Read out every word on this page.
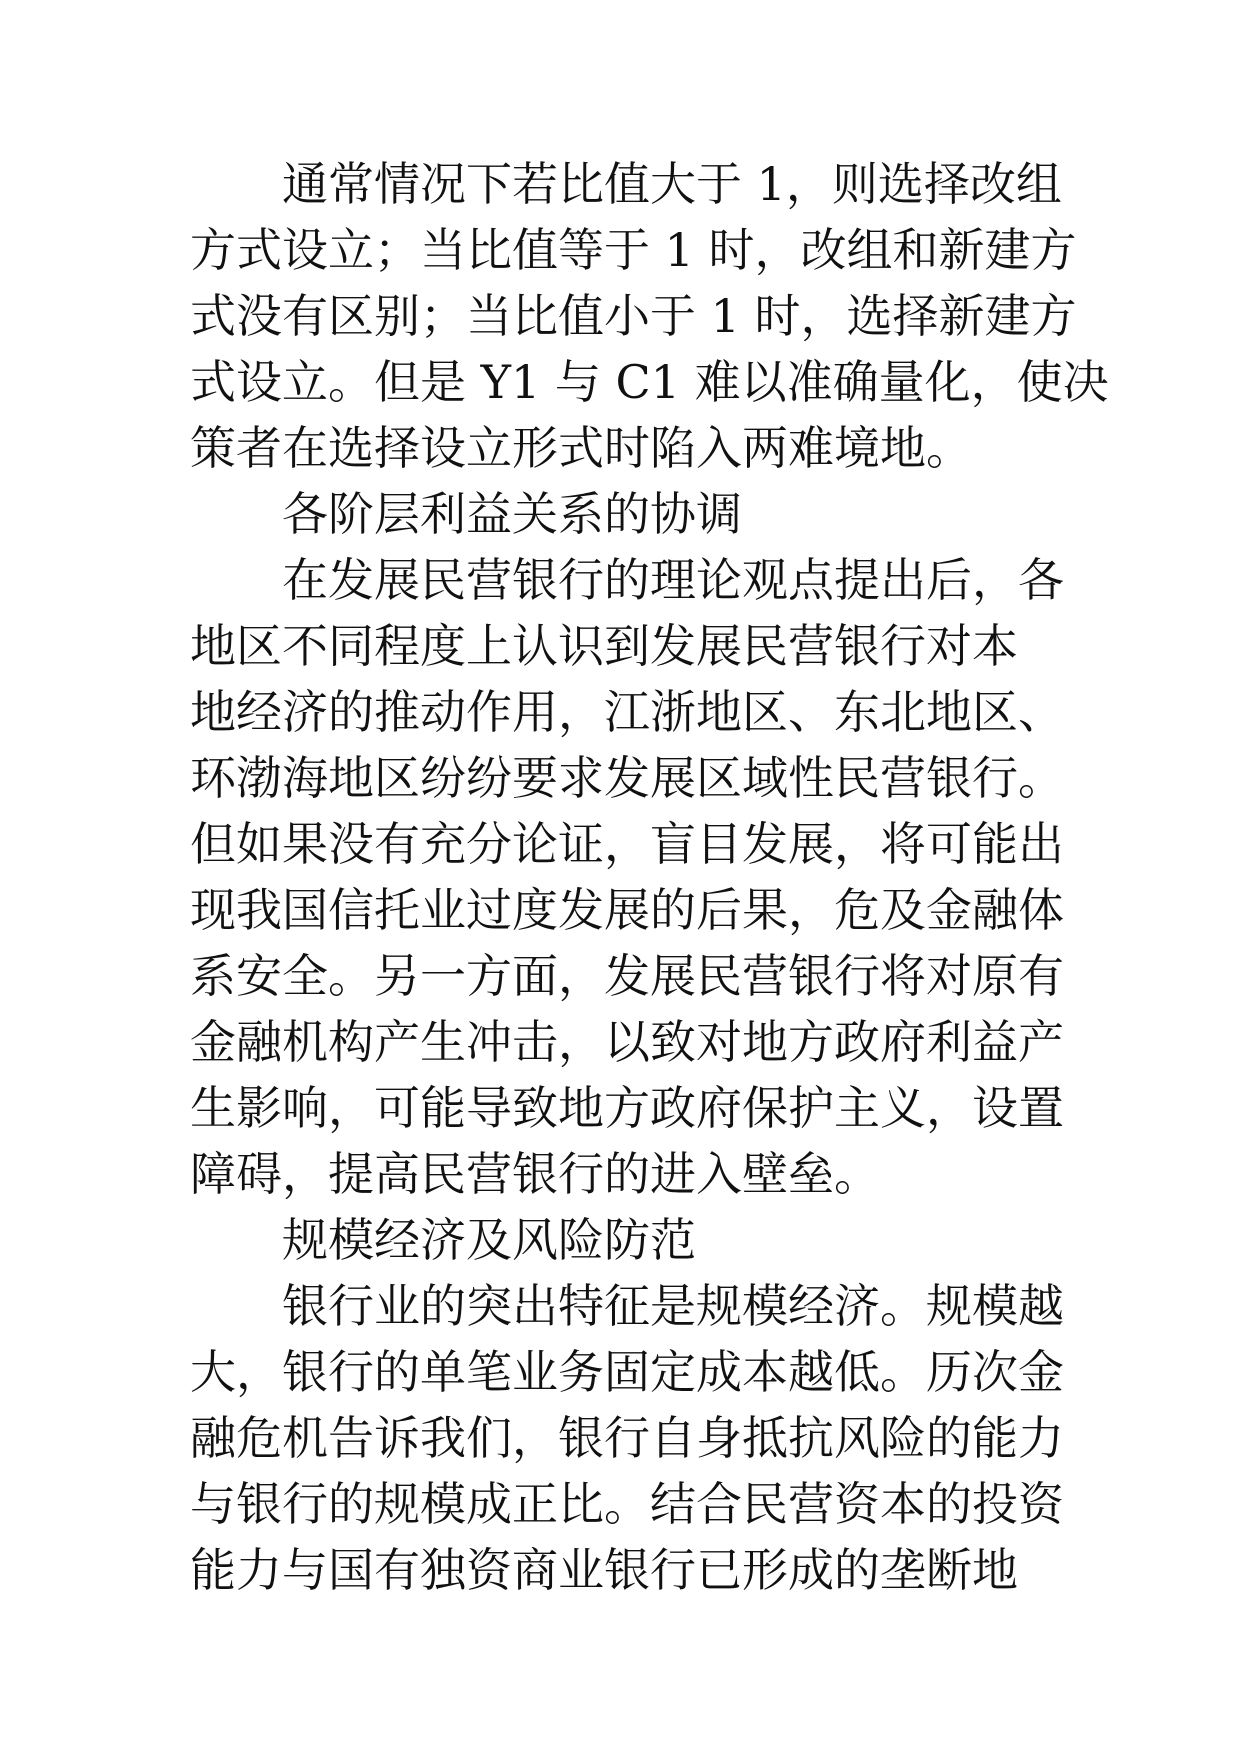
通常情况下若比值大于 1，则选择改组

方式设立；当比值等于 1 时，改组和新建方

式没有区别；当比值小于 1 时，选择新建方

式设立。但是 Y1 与 C1 难以准确量化，使决

策者在选择设立形式时陷入两难境地。

各阶层利益关系的协调

在发展民营银行的理论观点提出后，各

地区不同程度上认识到发展民营银行对本

地经济的推动作用，江浙地区、东北地区、

环渤海地区纷纷要求发展区域性民营银行。

但如果没有充分论证，盲目发展，将可能出

现我国信托业过度发展的后果，危及金融体

系安全。另一方面，发展民营银行将对原有

金融机构产生冲击，以致对地方政府利益产

生影响，可能导致地方政府保护主义，设置

障碍，提高民营银行的进入壁垒。

规模经济及风险防范

银行业的突出特征是规模经济。规模越

大，银行的单笔业务固定成本越低。历次金

融危机告诉我们，银行自身抵抗风险的能力

与银行的规模成正比。结合民营资本的投资

能力与国有独资商业银行已形成的垄断地
